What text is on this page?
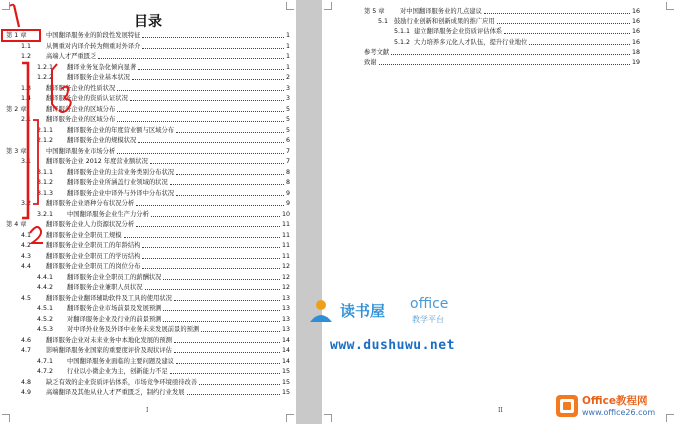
目录
第 1 章	中国翻译服务业的阶段性发展特征	1
1.1	从侧重对内译介转为侧重对外译介	1
1.2	高端人才严重匮乏	1
1.2.1	翻译业务复杂化倾向显著	1
1.2.2	翻译服务企业基本状况	2
1.3	翻译服务企业的性质状况	3
1.4	翻译服务企业的资质认证状况	3
第 2 章	翻译服务企业的区域分布	5
2.1	翻译服务企业的区域分布	5
2.1.1	翻译服务企业的年度营业额与区域分布	5
2.1.2	翻译服务企业的规模状况	6
第 3 章	中国翻译服务业市场分析	7
3.1	翻译服务企业 2012 年度营业额状况	7
3.1.1	翻译服务企业的主营业务类别分布状况	8
3.1.2	翻译服务企业所涵盖行业领域的状况	8
3.1.3	翻译服务企业中译外与外译中分布状况	9
3.2	翻译服务企业语种分布状况分析	9
3.2.1	中国翻译服务企业生产力分析	10
第 4 章	翻译服务企业人力资源状况分析	11
4.1	翻译服务企业全职员工规模	11
4.2	翻译服务企业全职员工的年龄结构	11
4.3	翻译服务企业全职员工的学历结构	11
4.4	翻译服务企业全职员工的岗位分布	12
4.4.1	翻译服务企业全职员工的薪酬状况	12
4.4.2	翻译服务企业兼职人员状况	12
4.5	翻译服务企业翻译辅助软件及工具的使用状况	13
4.5.1	翻译服务企业市场前景及发展预测	13
4.5.2	对翻译服务企业及行业的前景预测	13
4.5.3	对中译外业务及外译中业务未来发展前景的预测	13
4.6	翻译服务企业对未来业务中本地化发展的预测	14
4.7	影响翻译服务业国家的重要度评价及现状评估	14
4.7.1	中国翻译服务业面临的主要问题及建议	14
4.7.2	行业以小微企业为主，创新能力不足	15
4.8	缺乏有效的企业资质评估体系，市场竞争环境亟待改善	15
4.9	高端翻译及其他从业人才严重匮乏，制约行业发展	15
I
第 5 章	对中国翻译服务业的几点建议	16
5.1 鼓励行业创新和创新成果的推广应用	16
5.1.1 建立翻译服务企业资质评估体系	16
5.1.2 大力培养多元化人才队伍，提升行业地位	16
参考文献	18
致谢	19
II
读书屋 office
教学平台
www.dushuwu.net
Office教程网
www.office26.com
